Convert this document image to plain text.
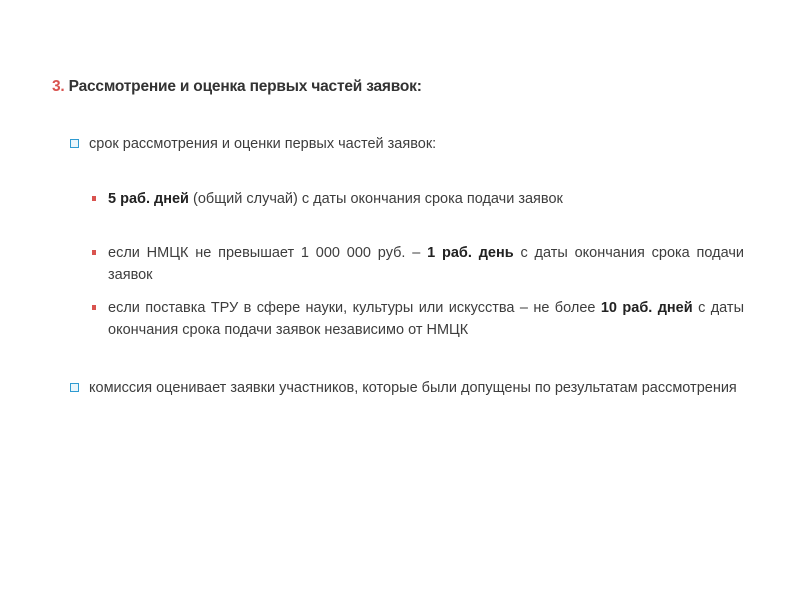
3. Рассмотрение и оценка первых частей заявок:
срок рассмотрения и оценки первых частей заявок:
5 раб. дней (общий случай) с даты окончания срока подачи заявок
если НМЦК не превышает 1 000 000 руб. – 1 раб. день с даты окончания срока подачи заявок
если поставка ТРУ в сфере науки, культуры или искусства – не более 10 раб. дней с даты окончания срока подачи заявок независимо от НМЦК
комиссия оценивает заявки участников, которые были допущены по результатам рассмотрения
